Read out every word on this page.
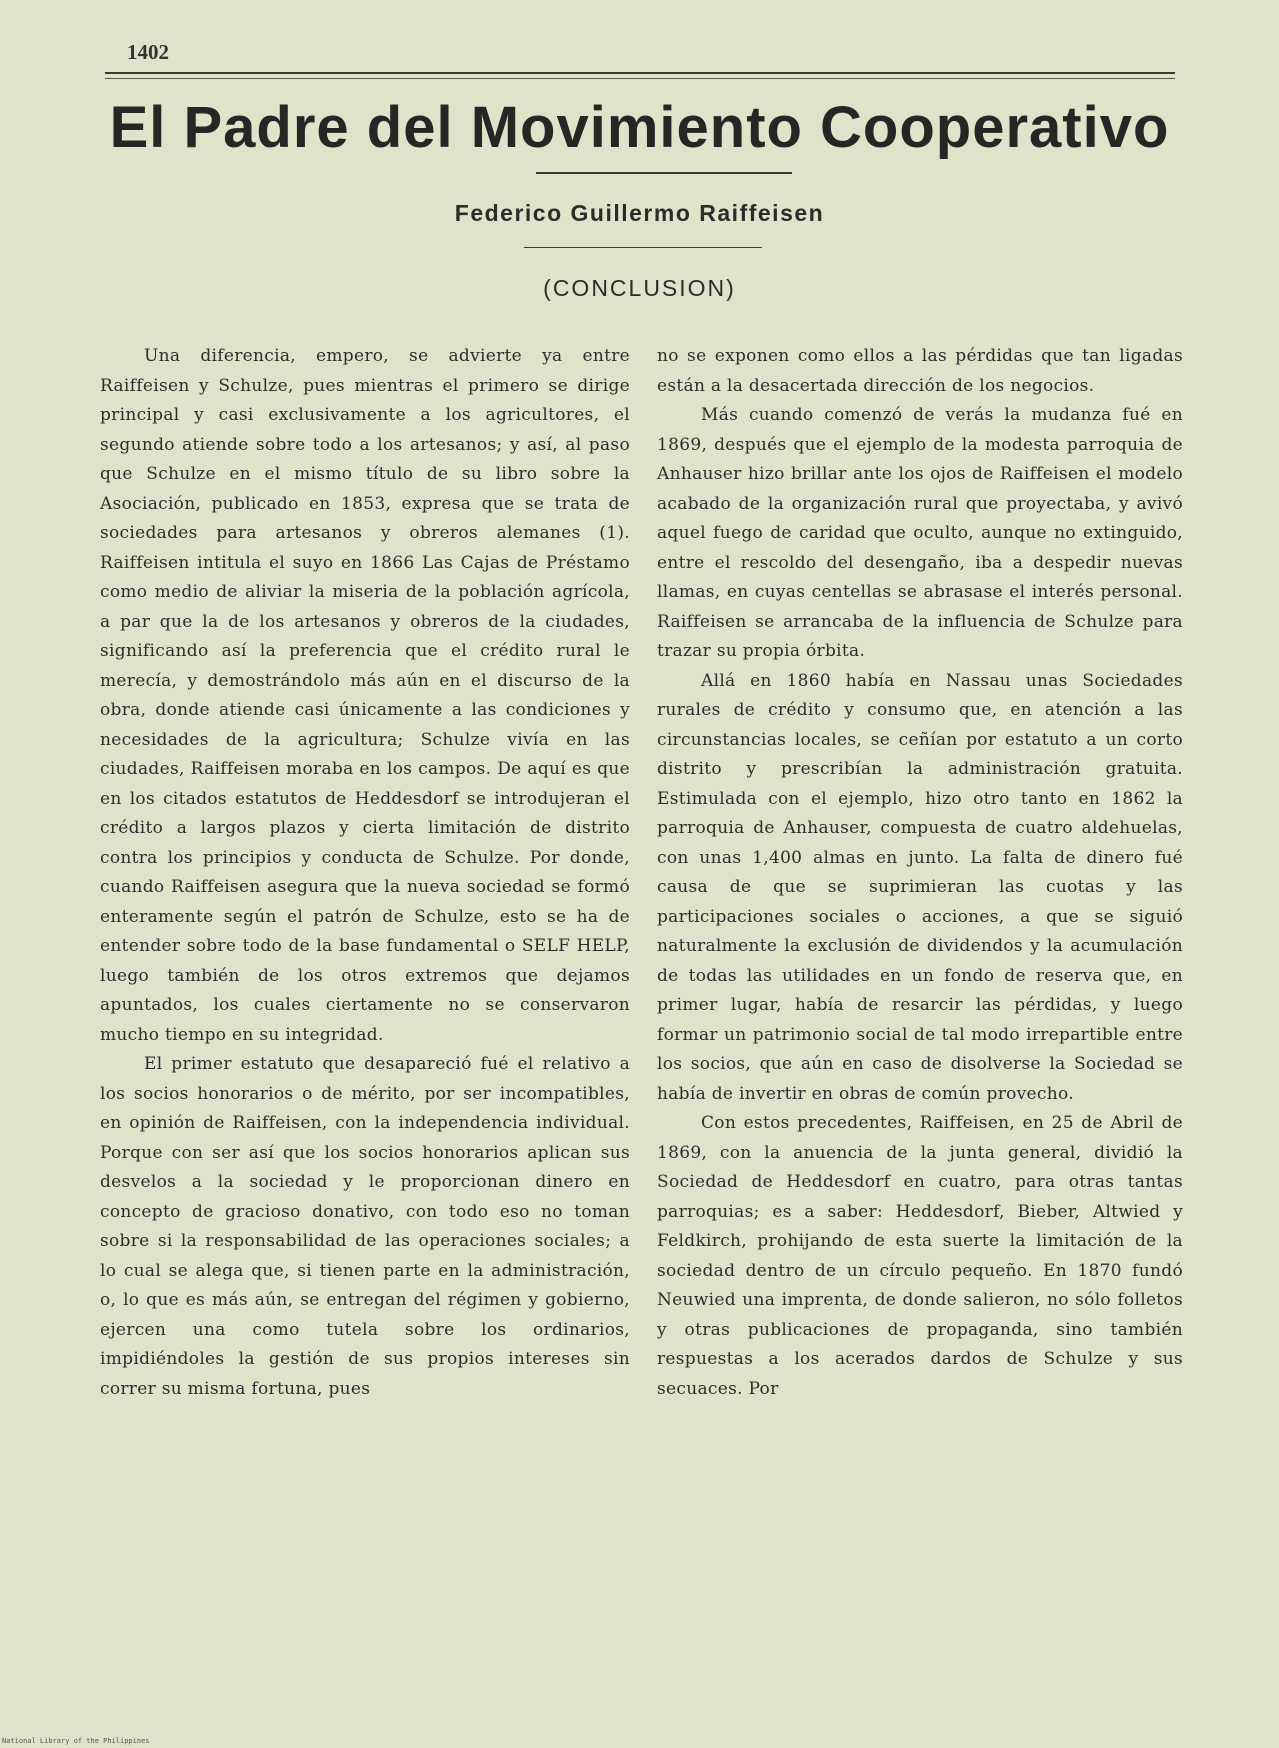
1402
El Padre del Movimiento Cooperativo
Federico Guillermo Raiffeisen
(CONCLUSION)

Una diferencia, empero, se advierte ya entre Raiffeisen y Schulze, pues mientras el primero se dirige principal y casi exclusivamente a los agricultores, el segundo atiende sobre todo a los artesanos; y así, al paso que Schulze en el mismo título de su libro sobre la Asociación, publicado en 1853, expresa que se trata de sociedades para artesanos y obreros alemanes (1). Raiffeisen intitula el suyo en 1866 Las Cajas de Préstamo como medio de aliviar la miseria de la población agrícola, a par que la de los artesanos y obreros de la ciudades, significando así la preferencia que el crédito rural le merecía, y demostrándolo más aún en el discurso de la obra, donde atiende casi únicamente a las condiciones y necesidades de la agricultura; Schulze vivía en las ciudades, Raiffeisen moraba en los campos. De aquí es que en los citados estatutos de Heddesdorf se introdujeran el crédito a largos plazos y cierta limitación de distrito contra los principios y conducta de Schulze. Por donde, cuando Raiffeisen asegura que la nueva sociedad se formó enteramente según el patrón de Schulze, esto se ha de entender sobre todo de la base fundamental o SELF HELP, luego también de los otros extremos que dejamos apuntados, los cuales ciertamente no se conservaron mucho tiempo en su integridad.

El primer estatuto que desapareció fué el relativo a los socios honorarios o de mérito, por ser incompatibles, en opinión de Raiffeisen, con la independencia individual. Porque con ser así que los socios honorarios aplican sus desvelos a la sociedad y le proporcionan dinero en concepto de gracioso donativo, con todo eso no toman sobre si la responsabilidad de las operaciones sociales; a lo cual se alega que, si tienen parte en la administración, o, lo que es más aún, se entregan del régimen y gobierno, ejercen una como tutela sobre los ordinarios, impidiéndoles la gestión de sus propios intereses sin correr su misma fortuna, pues

no se exponen como ellos a las pérdidas que tan ligadas están a la desacertada dirección de los negocios.

Más cuando comenzó de verás la mudanza fué en 1869, después que el ejemplo de la modesta parroquia de Anhauser hizo brillar ante los ojos de Raiffeisen el modelo acabado de la organización rural que proyectaba, y avivó aquel fuego de caridad que oculto, aunque no extinguido, entre el rescoldo del desengaño, iba a despedir nuevas llamas, en cuyas centellas se abrasase el interés personal. Raiffeisen se arrancaba de la influencia de Schulze para trazar su propia órbita.

Allá en 1860 había en Nassau unas Sociedades rurales de crédito y consumo que, en atención a las circunstancias locales, se ceñían por estatuto a un corto distrito y prescribían la administración gratuita. Estimulada con el ejemplo, hizo otro tanto en 1862 la parroquia de Anhauser, compuesta de cuatro aldehuelas, con unas 1,400 almas en junto. La falta de dinero fué causa de que se suprimieran las cuotas y las participaciones sociales o acciones, a que se siguió naturalmente la exclusión de dividendos y la acumulación de todas las utilidades en un fondo de reserva que, en primer lugar, había de resarcir las pérdidas, y luego formar un patrimonio social de tal modo irrepartible entre los socios, que aún en caso de disolverse la Sociedad se había de invertir en obras de común provecho.

Con estos precedentes, Raiffeisen, en 25 de Abril de 1869, con la anuencia de la junta general, dividió la Sociedad de Heddesdorf en cuatro, para otras tantas parroquias; es a saber: Heddesdorf, Bieber, Altwied y Feldkirch, prohijando de esta suerte la limitación de la sociedad dentro de un círculo pequeño. En 1870 fundó Neuwied una imprenta, de donde salieron, no sólo folletos y otras publicaciones de propaganda, sino también respuestas a los acerados dardos de Schulze y sus secuaces. Por

National Library of the Philippines
